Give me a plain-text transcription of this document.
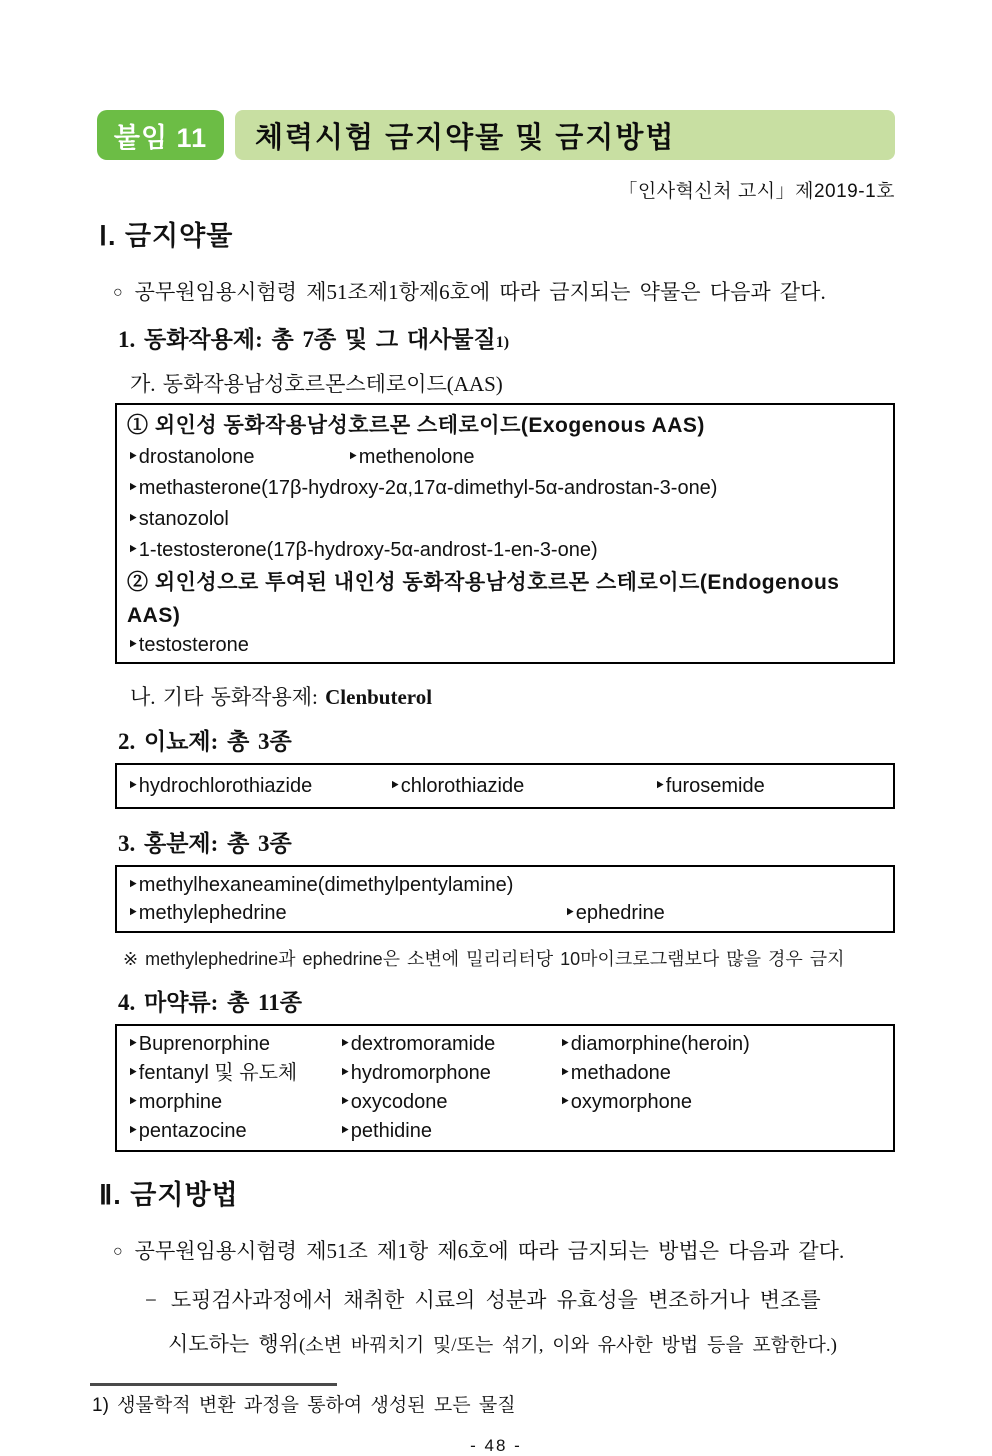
붙임 11	체력시험 금지약물 및 금지방법
「인사혁신처 고시」제2019-1호
Ⅰ. 금지약물
○ 공무원임용시험령 제51조제1항제6호에 따라 금지되는 약물은 다음과 같다.
1. 동화작용제: 총 7종 및 그 대사물질1)
가. 동화작용남성호르몬스테로이드(AAS)
① 외인성 동화작용남성호르몬 스테로이드(Exogenous AAS)
‣drostanolone	‣methenolone
‣methasterone(17β-hydroxy-2α,17α-dimethyl-5α-androstan-3-one)
‣stanozolol
‣1-testosterone(17β-hydroxy-5α-androst-1-en-3-one)
② 외인성으로 투여된 내인성 동화작용남성호르몬 스테로이드(Endogenous AAS)
‣testosterone
나. 기타 동화작용제: Clenbuterol
2. 이뇨제: 총 3종
‣hydrochlorothiazide	‣chlorothiazide	‣furosemide
3. 홍분제: 총 3종
‣methylhexaneamine(dimethylpentylamine)
‣methylephedrine	‣ephedrine
※ methylephedrine과 ephedrine은 소변에 밀리리터당 10마이크로그램보다 많을 경우 금지
4. 마약류: 총 11종
‣Buprenorphine	‣dextromoramide	‣diamorphine(heroin)
‣fentanyl 및 유도체	‣hydromorphone	‣methadone
‣morphine	‣oxycodone	‣oxymorphone
‣pentazocine	‣pethidine
Ⅱ. 금지방법
○ 공무원임용시험령 제51조 제1항 제6호에 따라 금지되는 방법은 다음과 같다.
− 도핑검사과정에서 채취한 시료의 성분과 유효성을 변조하거나 변조를
시도하는 행위(소변 바꿔치기 및/또는 섞기, 이와 유사한 방법 등을 포함한다.)
1) 생물학적 변환 과정을 통하여 생성된 모든 물질
- 48 -
